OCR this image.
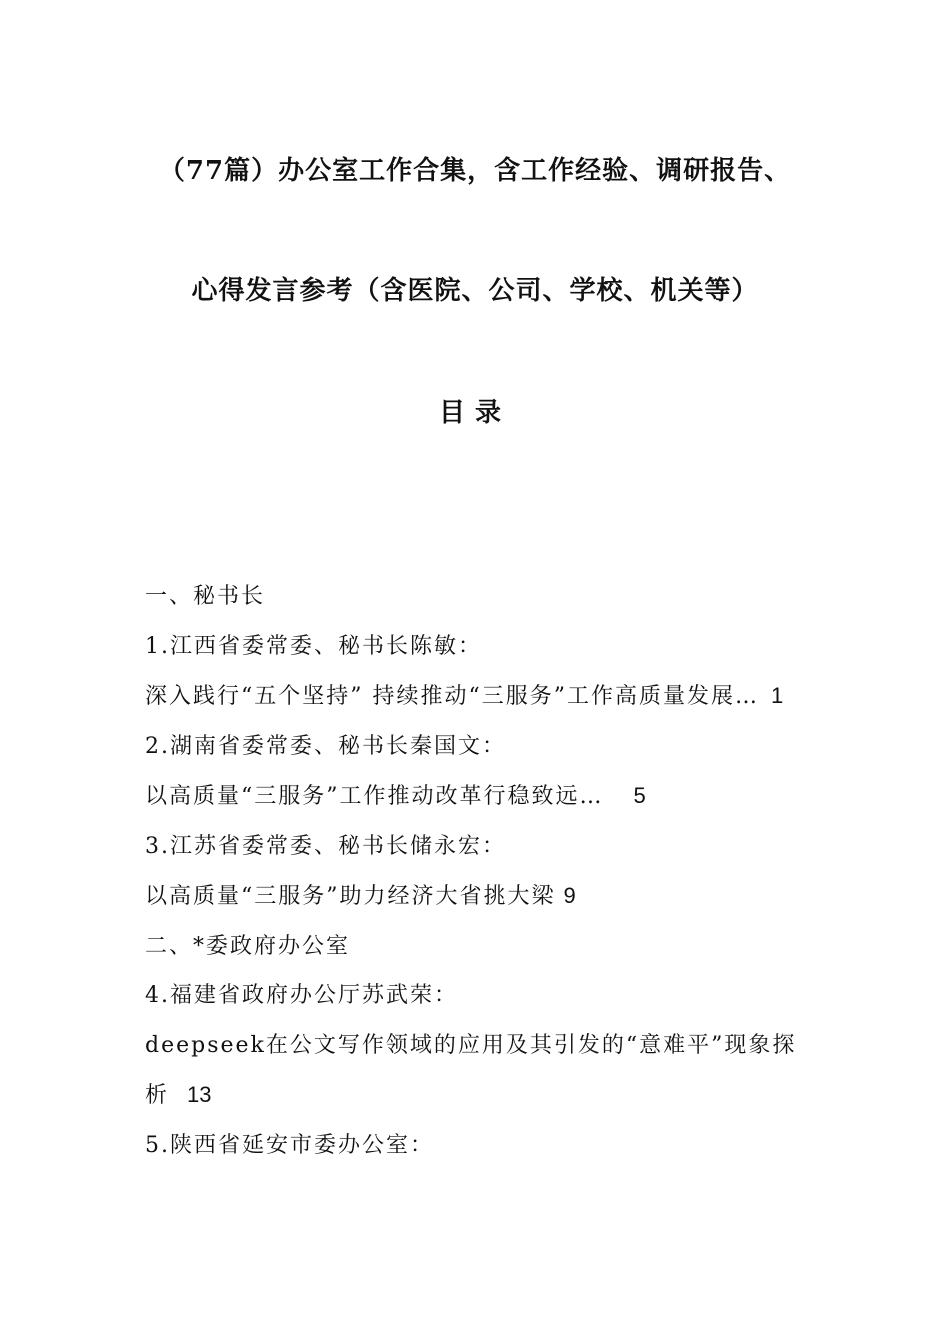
（77篇）办公室工作合集，含工作经验、调研报告、
心得发言参考（含医院、公司、学校、机关等）
目录
一、秘书长
1.江西省委常委、秘书长陈敏：
深入践行“五个坚持” 持续推动“三服务”工作高质量发展… 1
2.湖南省委常委、秘书长秦国文：
以高质量“三服务”工作推动改革行稳致远… 5
3.江苏省委常委、秘书长储永宏：
以高质量“三服务”助力经济大省挑大梁 9
二、*委政府办公室
4.福建省政府办公厅苏武荣：
deepseek在公文写作领域的应用及其引发的“意难平”现象探析 13
5.陕西省延安市委办公室：
